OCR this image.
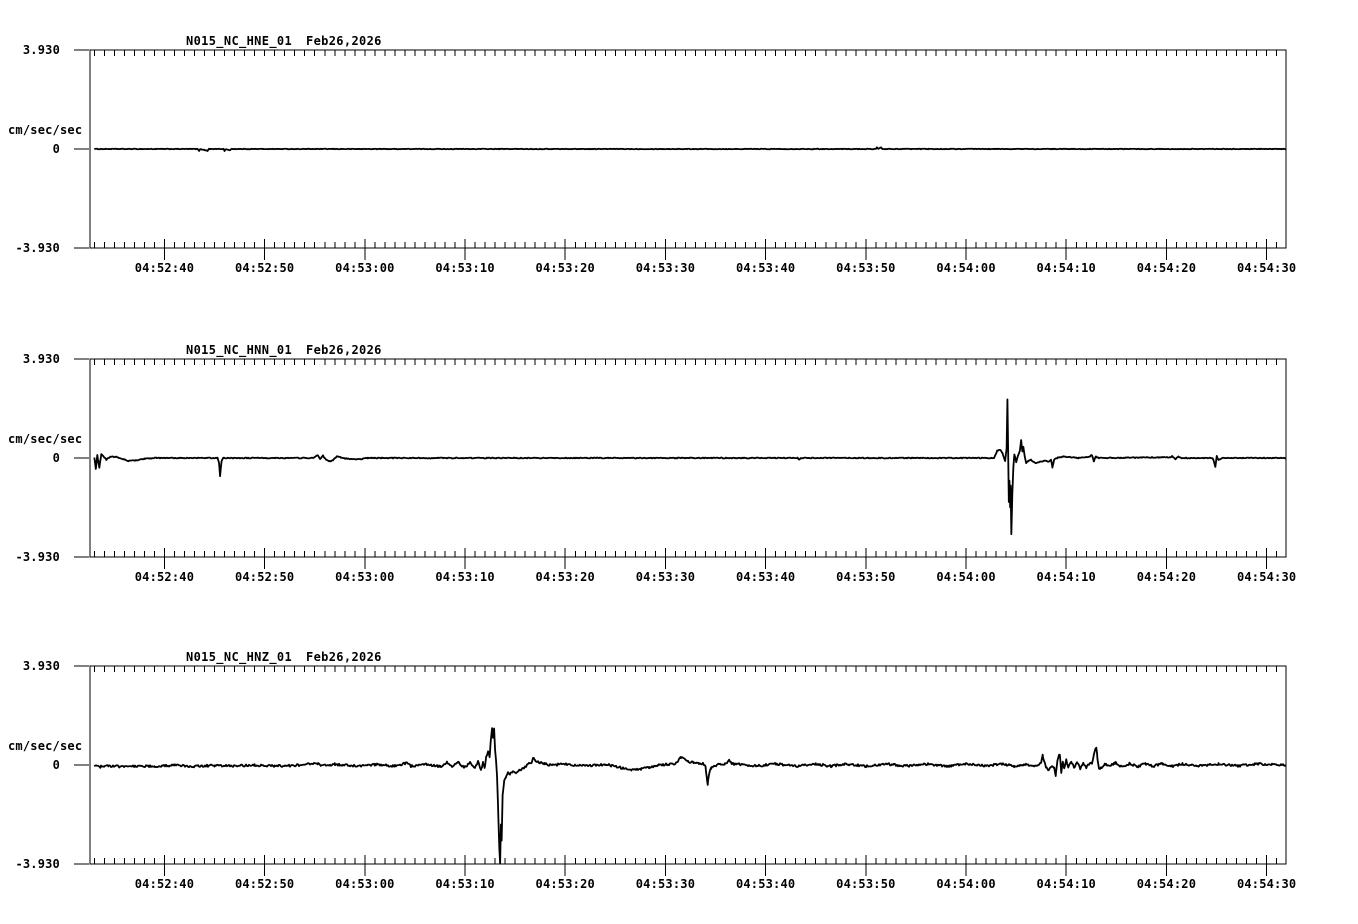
N015_NC_HNE_01 Feb26,2026
3.930
cm/sec/sec
0
-3.930
04:52:40	04:52:50	04:53:00	04:53:10	04:53:20	04:53:30	04:53:40	04:53:50	04:54:00	04:54:10	04:54:20	04:54:30
N015_NC_HNN_01 Feb26,2026
3.930
cm/sec/sec
0
-3.930
04:52:40	04:52:50	04:53:00	04:53:10	04:53:20	04:53:30	04:53:40	04:53:50	04:54:00	04:54:10	04:54:20	04:54:30
N015_NC_HNZ_01 Feb26,2026
3.930
cm/sec/sec
0
-3.930
04:52:40	04:52:50	04:53:00	04:53:10	04:53:20	04:53:30	04:53:40	04:53:50	04:54:00	04:54:10	04:54:20	04:54:30
